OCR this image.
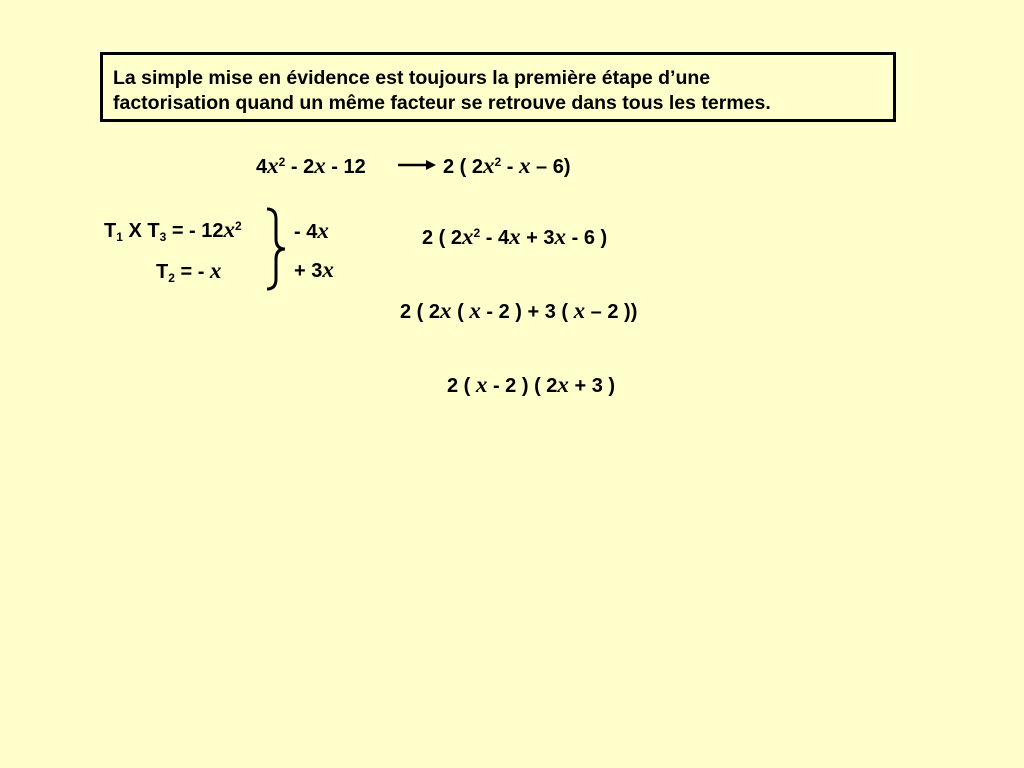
La simple mise en évidence est toujours la première étape d’une
factorisation quand un même facteur se retrouve dans tous les termes.
$4x^2 - 2x - 12$	2 ( $2x^2$ - x – 6)
$T_1$ X $T_3$ = - $12x^2$
$T_2$ = - x
- 4x
+ 3x
2 ( $2x^2 - 4x + 3x - 6$ )
2 ( 2x ( x - 2 ) + 3 ( x – 2 ))
2 ( x - 2 ) ( 2x + 3 )
